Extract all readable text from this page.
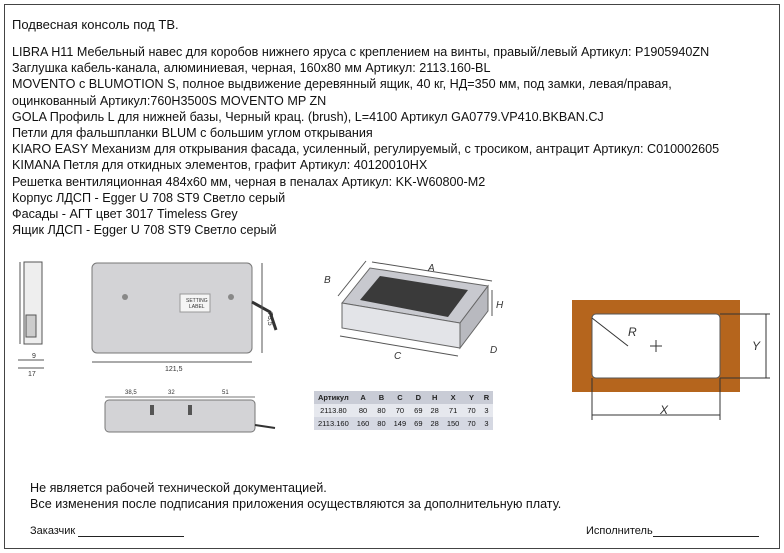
Подвесная консоль под ТВ.
LIBRA H11 Мебельный навес для коробов нижнего яруса с креплением на винты, правый/левый Артикул: P1905940ZN
Заглушка кабель-канала, алюминиевая, черная, 160x80 мм Артикул: 2113.160-BL
MOVENTO с BLUMOTION S, полное выдвижение деревянный ящик, 40 кг, НД=350 мм, под замки, левая/правая, оцинкованный Артикул:760H3500S MOVENTO MP ZN
GOLA Профиль L для нижней базы, Черный крац. (brush), L=4100 Артикул GA0779.VP410.BKBAN.CJ
Петли для фальшпланки BLUM с большим углом открывания
KIARO EASY Механизм для открывания фасада, усиленный, регулируемый, с тросиком, антрацит Артикул: C010002605
KIMANA Петля для откидных элементов, графит Артикул: 40120010HX
Решетка вентиляционная 484x60 мм, черная в пеналах Артикул: KK-W60800-M2
Корпус ЛДСП - Egger U 708 ST9 Светло серый
Фасады - АГТ цвет 3017 Timeless Grey
Ящик ЛДСП - Egger U 708 ST9 Светло серый
9
17
SETTING
LABEL
121,5
73,5
38,5	32	51
A
B
C
D
H
R
X
Y
Артикул	A	B	C	D	H	X	Y	R
2113.80	80	80	70	69	28	71	70	3
2113.160	160	80	149	69	28	150	70	3
Не является рабочей технической документацией.
Все изменения после подписания приложения осуществляются за дополнительную плату.
Заказчик	Исполнитель
